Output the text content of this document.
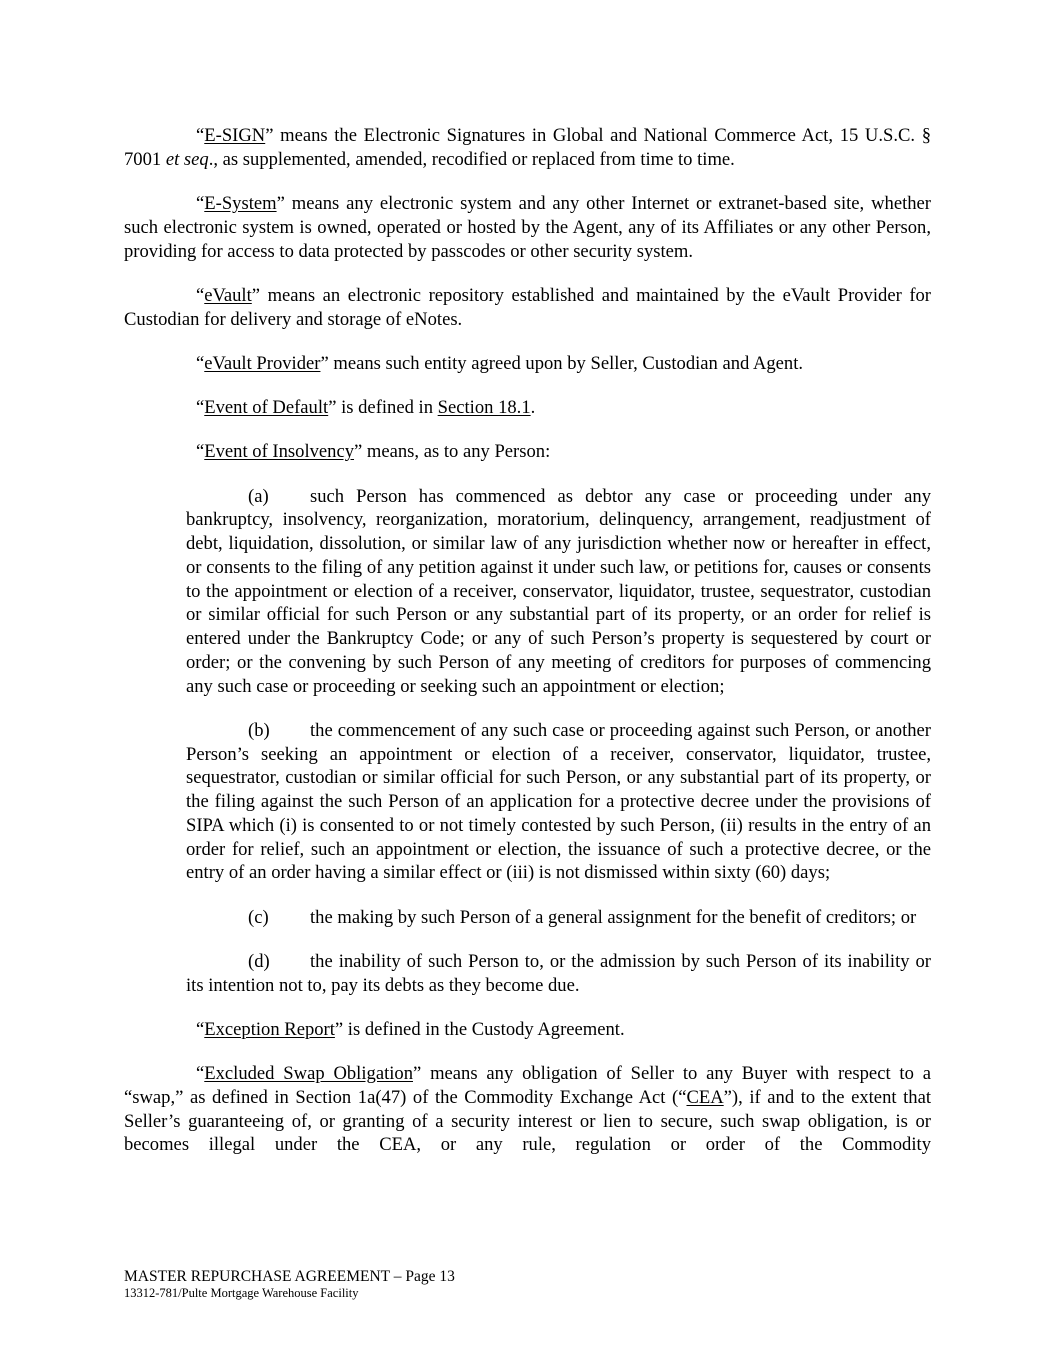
“E-SIGN” means the Electronic Signatures in Global and National Commerce Act, 15 U.S.C. § 7001 et seq., as supplemented, amended, recodified or replaced from time to time.

“E-System” means any electronic system and any other Internet or extranet-based site, whether such electronic system is owned, operated or hosted by the Agent, any of its Affiliates or any other Person, providing for access to data protected by passcodes or other security system.

“eVault” means an electronic repository established and maintained by the eVault Provider for Custodian for delivery and storage of eNotes.

“eVault Provider” means such entity agreed upon by Seller, Custodian and Agent.

“Event of Default” is defined in Section 18.1.

“Event of Insolvency” means, as to any Person:

(a) such Person has commenced as debtor any case or proceeding under any bankruptcy, insolvency, reorganization, moratorium, delinquency, arrangement, readjustment of debt, liquidation, dissolution, or similar law of any jurisdiction whether now or hereafter in effect, or consents to the filing of any petition against it under such law, or petitions for, causes or consents to the appointment or election of a receiver, conservator, liquidator, trustee, sequestrator, custodian or similar official for such Person or any substantial part of its property, or an order for relief is entered under the Bankruptcy Code; or any of such Person’s property is sequestered by court or order; or the convening by such Person of any meeting of creditors for purposes of commencing any such case or proceeding or seeking such an appointment or election;

(b) the commencement of any such case or proceeding against such Person, or another Person’s seeking an appointment or election of a receiver, conservator, liquidator, trustee, sequestrator, custodian or similar official for such Person, or any substantial part of its property, or the filing against the such Person of an application for a protective decree under the provisions of SIPA which (i) is consented to or not timely contested by such Person, (ii) results in the entry of an order for relief, such an appointment or election, the issuance of such a protective decree, or the entry of an order having a similar effect or (iii) is not dismissed within sixty (60) days;

(c) the making by such Person of a general assignment for the benefit of creditors; or

(d) the inability of such Person to, or the admission by such Person of its inability or its intention not to, pay its debts as they become due.

“Exception Report” is defined in the Custody Agreement.

“Excluded Swap Obligation” means any obligation of Seller to any Buyer with respect to a “swap,” as defined in Section 1a(47) of the Commodity Exchange Act (“CEA”), if and to the extent that Seller’s guaranteeing of, or granting of a security interest or lien to secure, such swap obligation, is or becomes illegal under the CEA, or any rule, regulation or order of the Commodity

MASTER REPURCHASE AGREEMENT – Page 13
13312-781/Pulte Mortgage Warehouse Facility
